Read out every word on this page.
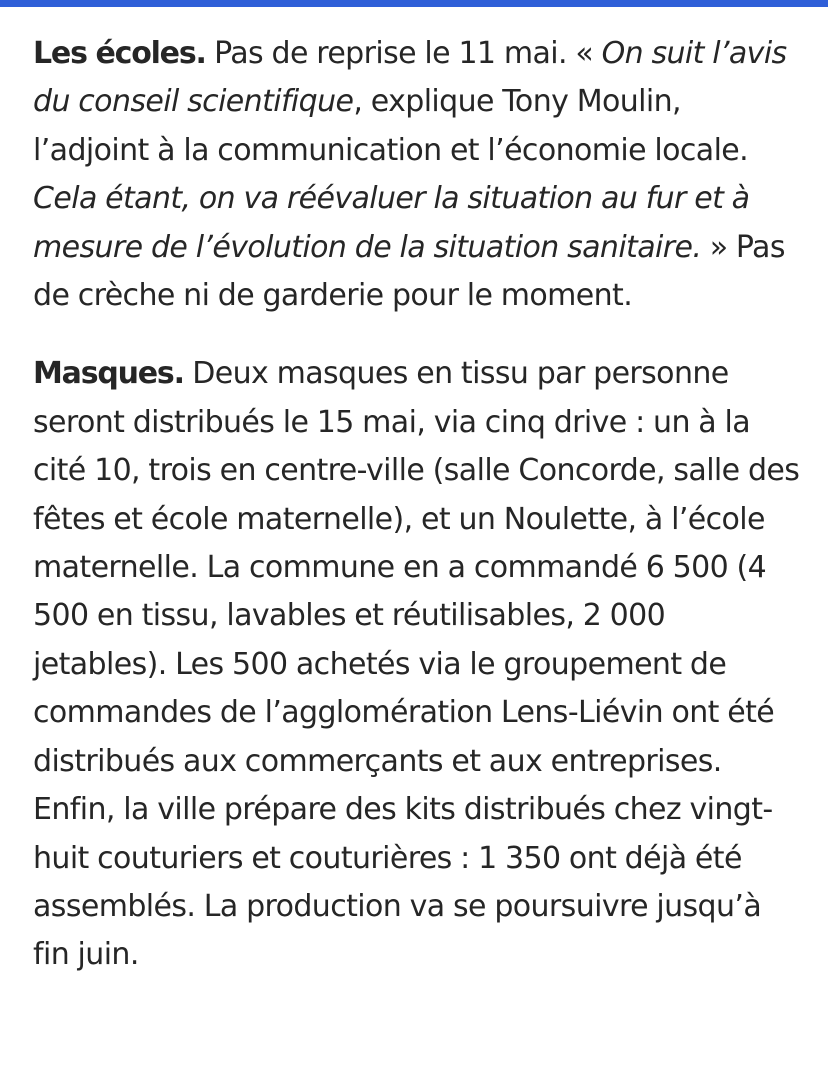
Les écoles. Pas de reprise le 11 mai. « On suit l’avis du conseil scientifique, explique Tony Moulin, l’adjoint à la communication et l’économie locale. Cela étant, on va réévaluer la situation au fur et à mesure de l’évolution de la situation sanitaire. » Pas de crèche ni de garderie pour le moment.

Masques. Deux masques en tissu par personne seront distribués le 15 mai, via cinq drive : un à la cité 10, trois en centre-ville (salle Concorde, salle des fêtes et école maternelle), et un Noulette, à l’école maternelle. La commune en a commandé 6 500 (4 500 en tissu, lavables et réutilisables, 2 000 jetables). Les 500 achetés via le groupement de commandes de l’agglomération Lens-Liévin ont été distribués aux commerçants et aux entreprises. Enfin, la ville prépare des kits distribués chez vingt-huit couturiers et couturières : 1 350 ont déjà été assemblés. La production va se poursuivre jusqu’à fin juin.
